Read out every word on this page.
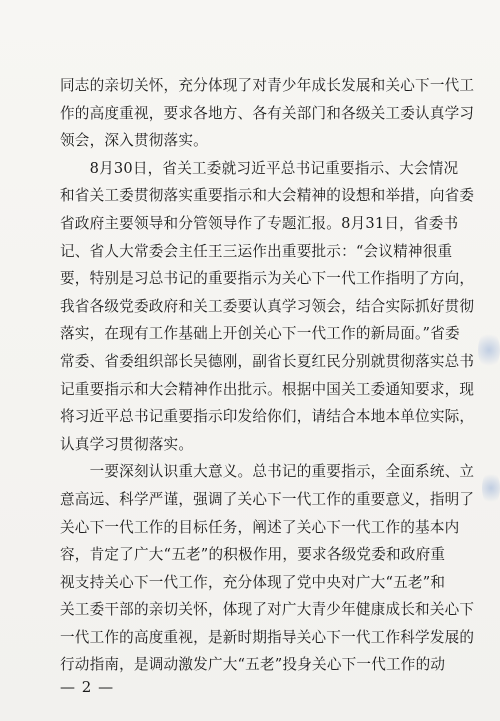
同志的亲切关怀，充分体现了对青少年成长发展和关心下一代工
作的高度重视，要求各地方、各有关部门和各级关工委认真学习
领会，深入贯彻落实。
　　8月30日，省关工委就习近平总书记重要指示、大会情况
和省关工委贯彻落实重要指示和大会精神的设想和举措，向省委
省政府主要领导和分管领导作了专题汇报。8月31日，省委书
记、省人大常委会主任王三运作出重要批示：“会议精神很重
要，特别是习总书记的重要指示为关心下一代工作指明了方向，
我省各级党委政府和关工委要认真学习领会，结合实际抓好贯彻
落实，在现有工作基础上开创关心下一代工作的新局面。”省委
常委、省委组织部长吴德刚，副省长夏红民分别就贯彻落实总书
记重要指示和大会精神作出批示。根据中国关工委通知要求，现
将习近平总书记重要指示印发给你们，请结合本地本单位实际，
认真学习贯彻落实。
　　一要深刻认识重大意义。总书记的重要指示，全面系统、立
意高远、科学严谨，强调了关心下一代工作的重要意义，指明了
关心下一代工作的目标任务，阐述了关心下一代工作的基本内
容，肯定了广大“五老”的积极作用，要求各级党委和政府重
视支持关心下一代工作，充分体现了党中央对广大“五老”和
关工委干部的亲切关怀，体现了对广大青少年健康成长和关心下
一代工作的高度重视，是新时期指导关心下一代工作科学发展的
行动指南，是调动激发广大“五老”投身关心下一代工作的动
— 2 —
